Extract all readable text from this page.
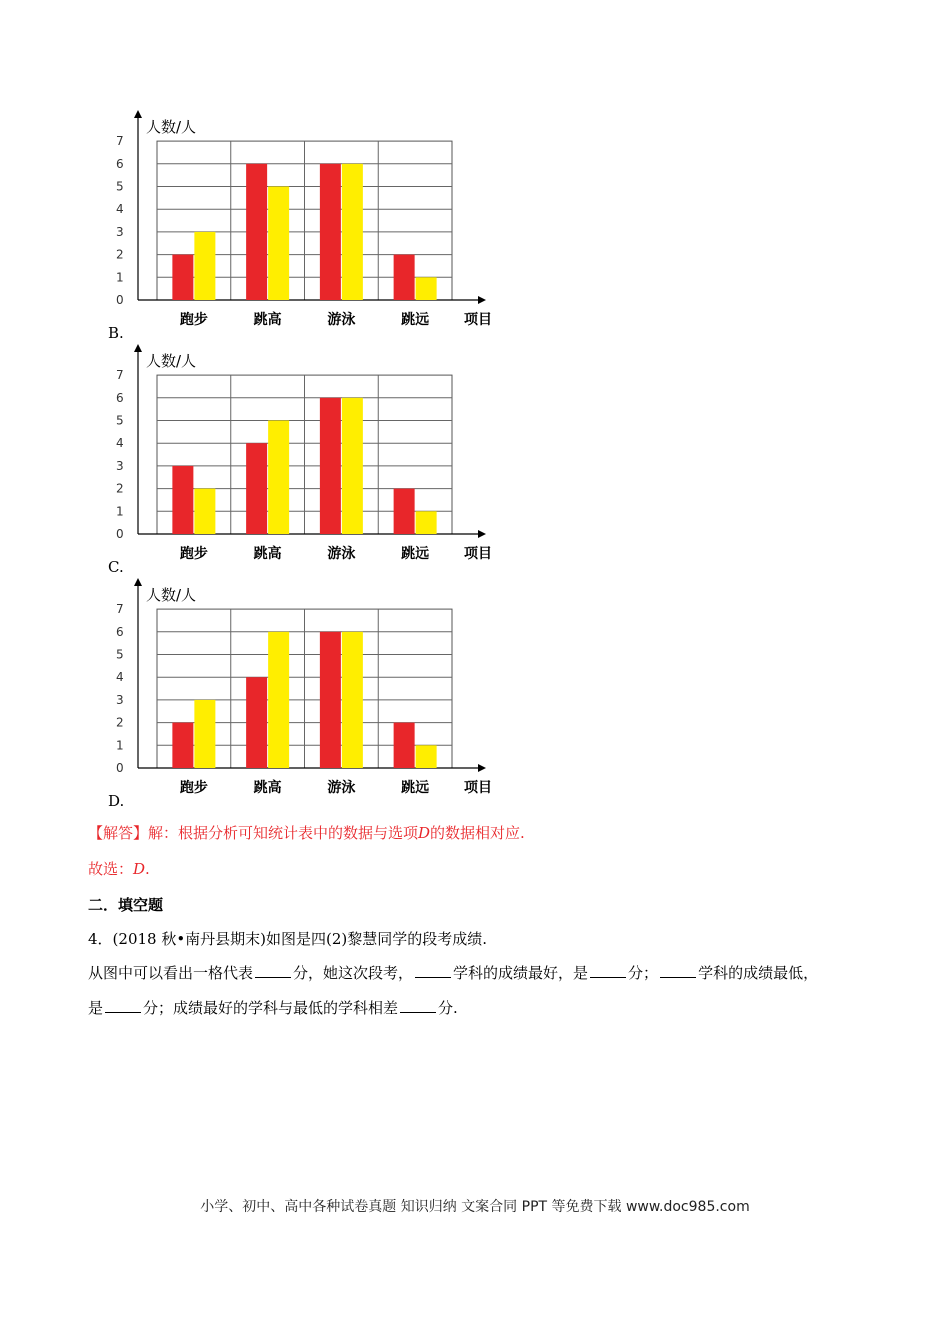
0
1
2
3
4
5
6
7
人数/人
跑步	跳高	游泳	跳远 项目
B.
0
1
2
3
4
5
6
7
人数/人
跑步	跳高	游泳	跳远 项目
C.
0
1
2
3
4
5
6
7
人数/人
跑步	跳高	游泳	跳远 项目
D.
【解答】解：根据分析可知统计表中的数据与选项D的数据相对应.
故选：D.
二．填空题
4．(2018 秋•南丹县期末)如图是四(2)黎慧同学的段考成绩.
从图中可以看出一格代表	分，她这次段考，	学科的成绩最好，是	分；	学科的成绩最低，
是	分；成绩最好的学科与最低的学科相差	分.
小学、初中、高中各种试卷真题 知识归纳 文案合同 PPT 等免费下载 www.doc985.com
